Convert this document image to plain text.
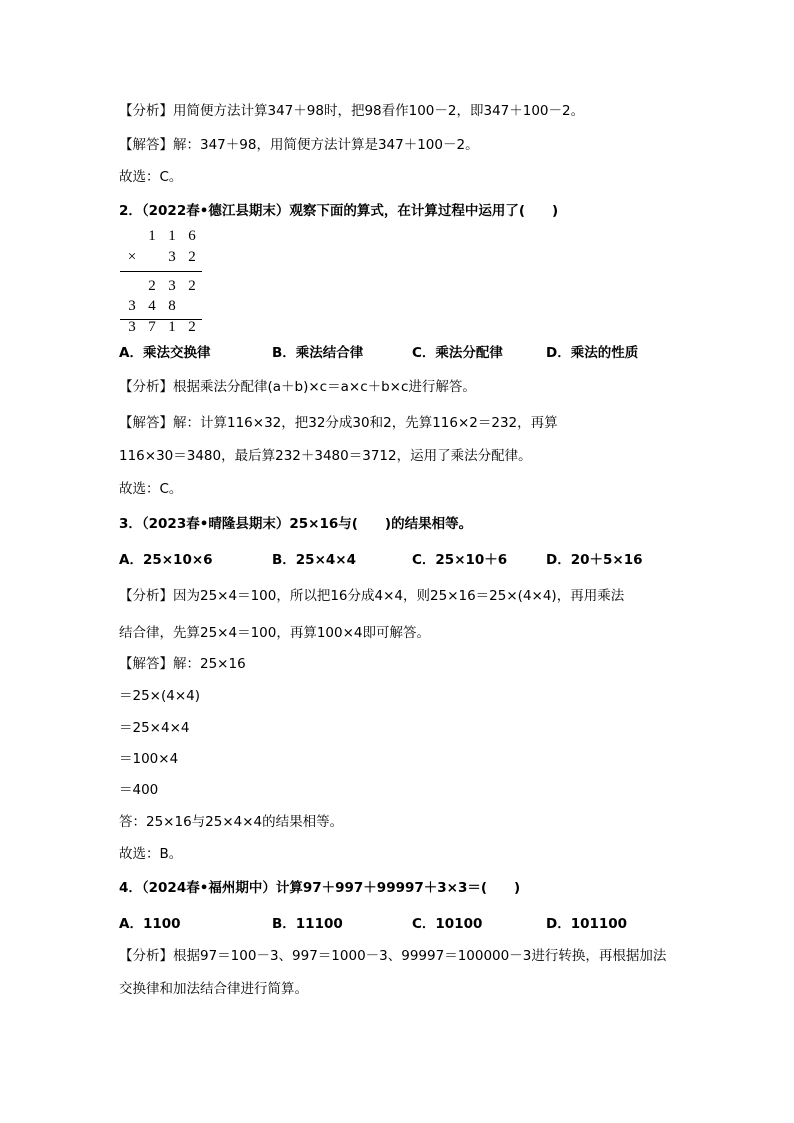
【分析】用简便方法计算347＋98时，把98看作100－2，即347＋100－2。
【解答】解：347＋98，用简便方法计算是347＋100－2。
故选：C。
2．（2022春•德江县期末）观察下面的算式，在计算过程中运用了(　　)
1 1 6
×	3 2
2 3 2
3 4 8
3 7 1 2
A．乘法交换律	B．乘法结合律	C．乘法分配律	D．乘法的性质
【分析】根据乘法分配律(a＋b)×c＝a×c＋b×c进行解答。
【解答】解：计算116×32，把32分成30和2，先算116×2＝232，再算
116×30＝3480，最后算232＋3480＝3712，运用了乘法分配律。
故选：C。
3．（2023春•晴隆县期末）25×16与(　　)的结果相等。
A．25×10×6	B．25×4×4	C．25×10＋6	D．20＋5×16
【分析】因为25×4＝100，所以把16分成4×4，则25×16＝25×(4×4)，再用乘法
结合律，先算25×4＝100，再算100×4即可解答。
【解答】解：25×16
＝25×(4×4)
＝25×4×4
＝100×4
＝400
答：25×16与25×4×4的结果相等。
故选：B。
4．（2024春•福州期中）计算97＋997＋99997＋3×3＝(　　)
A．1100	B．11100	C．10100	D．101100
【分析】根据97＝100－3、997＝1000－3、99997＝100000－3进行转换，再根据加法
交换律和加法结合律进行简算。
